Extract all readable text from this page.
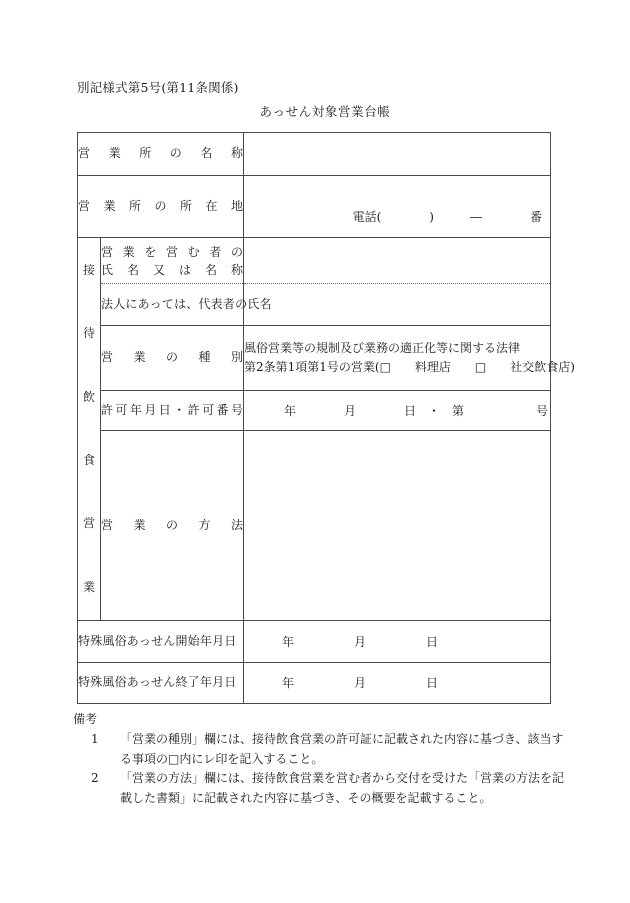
別記様式第5号(第11条関係)
あっせん対象営業台帳
営業所の名称		

営業所の所在地		電話(　　　　)　　　―　　　　番

接
待
飲
食
営
業

営業を営む者の
氏名又は名称

	法人にあっては、代表者の氏名	

	営業の種別	風俗営業等の規制及び業務の適正化等に関する法律
第2条第1項第1号の営業(□　　料理店　　□　　社交飲食店)

	許可年月日・許可番号	年　　　　月　　　　日　・　第　　　　　　号

	営業の方法	

特殊風俗あっせん開始年月日		年　　　　　月　　　　　日

特殊風俗あっせん終了年月日		年　　　　　月　　　　　日
備考
1	「営業の種別」欄には、接待飲食営業の許可証に記載された内容に基づき、該当する事項の□内にレ印を記入すること。
2	「営業の方法」欄には、接待飲食営業を営む者から交付を受けた「営業の方法を記載した書類」に記載された内容に基づき、その概要を記載すること。
